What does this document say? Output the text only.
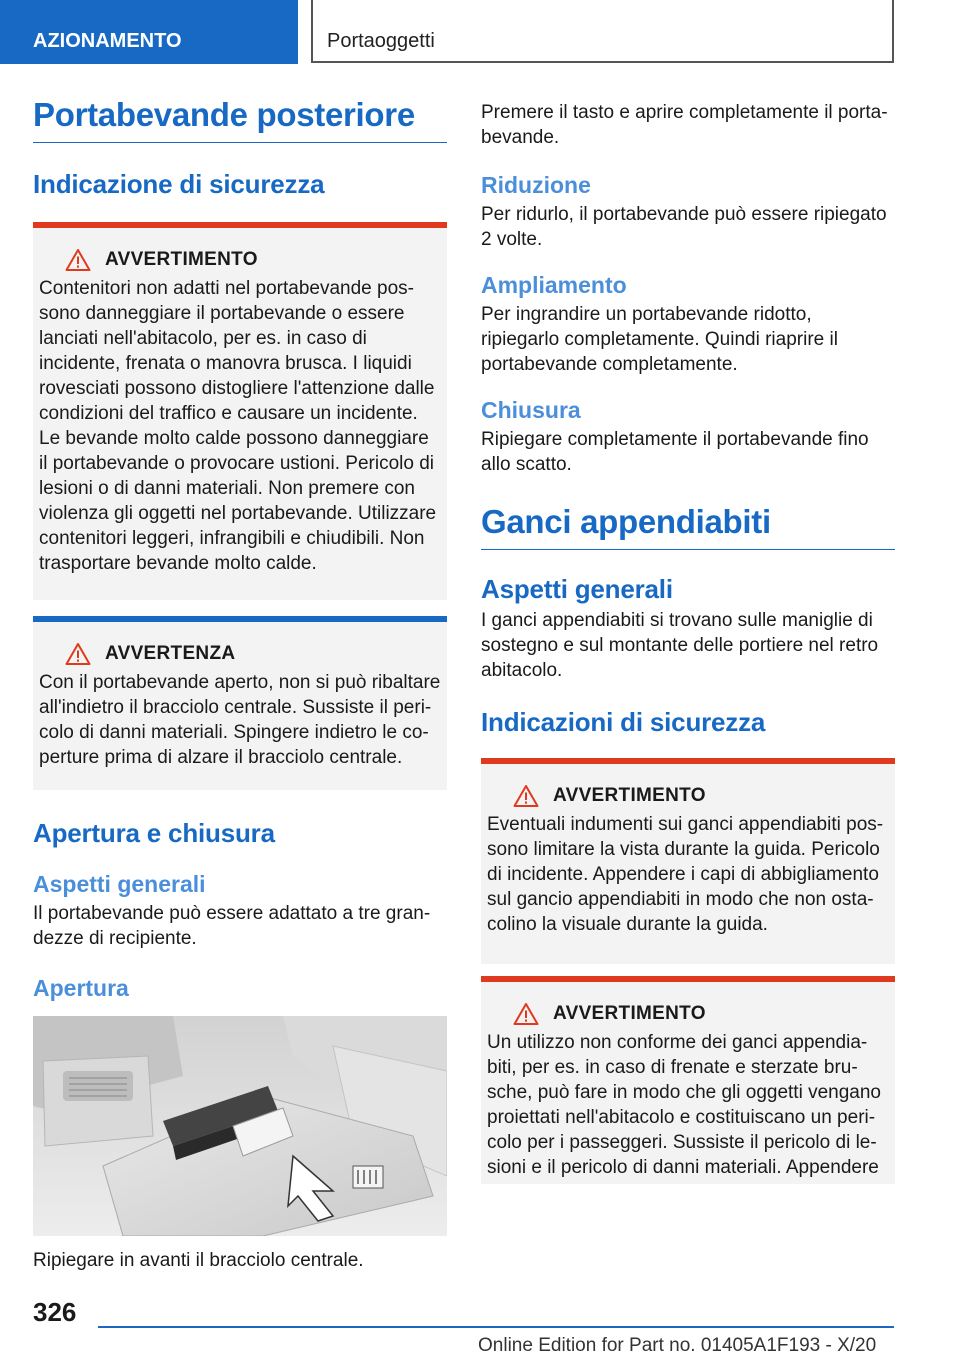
AZIONAMENTO	Portaoggetti
Portabevande posteriore
Indicazione di sicurezza
AVVERTIMENTO

Contenitori non adatti nel portabevande possono danneggiare il portabevande o essere lanciati nell'abitacolo, per es. in caso di incidente, frenata o manovra brusca. I liquidi rovesciati possono distogliere l'attenzione dalle condizioni del traffico e causare un incidente. Le bevande molto calde possono danneggiare il portabevande o provocare ustioni. Pericolo di lesioni o di danni materiali. Non premere con violenza gli oggetti nel portabevande. Utilizzare contenitori leggeri, infrangibili e chiudibili. Non trasportare bevande molto calde.

AVVERTENZA

Con il portabevande aperto, non si può ribaltare all'indietro il bracciolo centrale. Sussiste il pericolo di danni materiali. Spingere indietro le coperture prima di alzare il bracciolo centrale.

Apertura e chiusura
Aspetti generali

Il portabevande può essere adattato a tre grandezze di recipiente.

Apertura

Ripiegare in avanti il bracciolo centrale.

Premere il tasto e aprire completamente il portabevande.

Riduzione

Per ridurlo, il portabevande può essere ripiegato 2 volte.

Ampliamento

Per ingrandire un portabevande ridotto, ripiegarlo completamente. Quindi riaprire il portabevande completamente.

Chiusura

Ripiegare completamente il portabevande fino allo scatto.

Ganci appendiabiti
Aspetti generali

I ganci appendiabiti si trovano sulle maniglie di sostegno e sul montante delle portiere nel retro abitacolo.

Indicazioni di sicurezza
AVVERTIMENTO

Eventuali indumenti sui ganci appendiabiti possono limitare la vista durante la guida. Pericolo di incidente. Appendere i capi di abbigliamento sul gancio appendiabiti in modo che non ostacolino la visuale durante la guida.

AVVERTIMENTO

Un utilizzo non conforme dei ganci appendiabiti, per es. in caso di frenate e sterzate brusche, può fare in modo che gli oggetti vengano proiettati nell'abitacolo e costituiscano un pericolo per i passeggeri. Sussiste il pericolo di lesioni e il pericolo di danni materiali. Appendere

326
Online Edition for Part no. 01405A1F193 - X/20
